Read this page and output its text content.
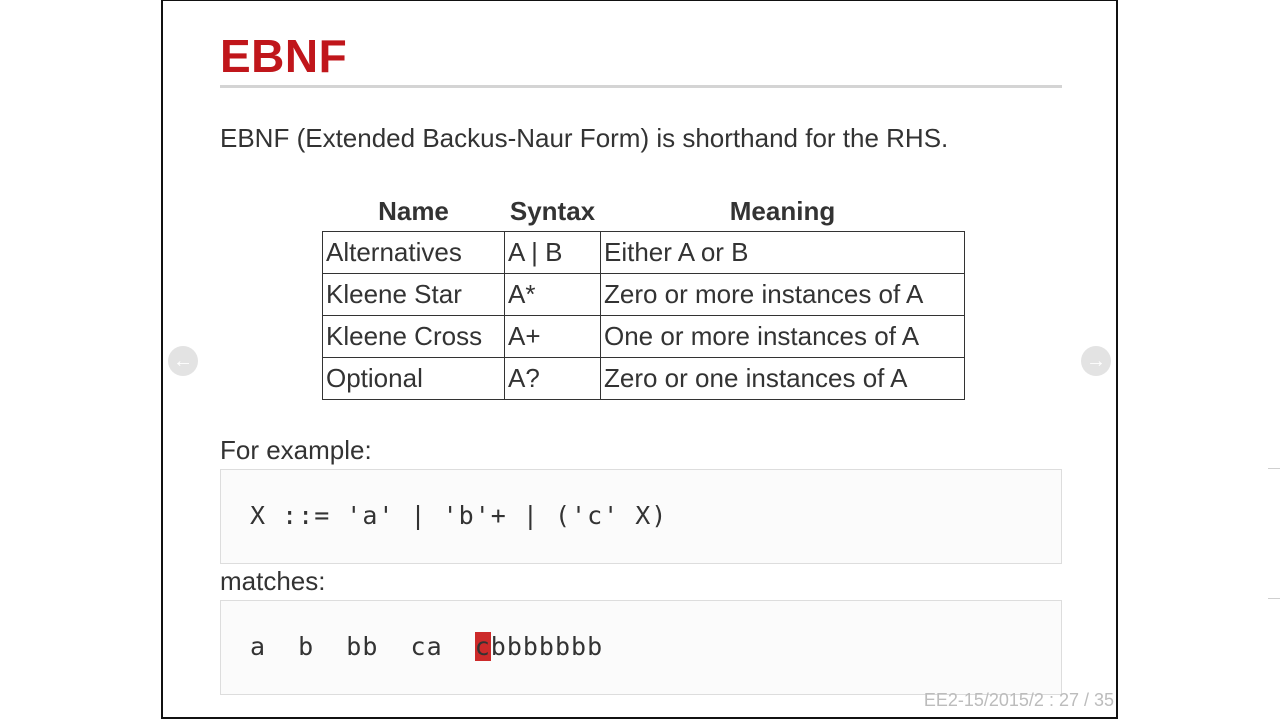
EBNF

EBNF (Extended Backus-Naur Form) is shorthand for the RHS.

Name	Syntax	Meaning
Alternatives	A | B	Either A or B
Kleene Star	A*	Zero or more instances of A
Kleene Cross	A+	One or more instances of A
Optional	A?	Zero or one instances of A

For example:

X ::= 'a' | 'b'+ | ('c' X)

matches:

a  b  bb  ca  cbbbbbbb
EE2-15/2015/2 : 27 / 35
←	→
